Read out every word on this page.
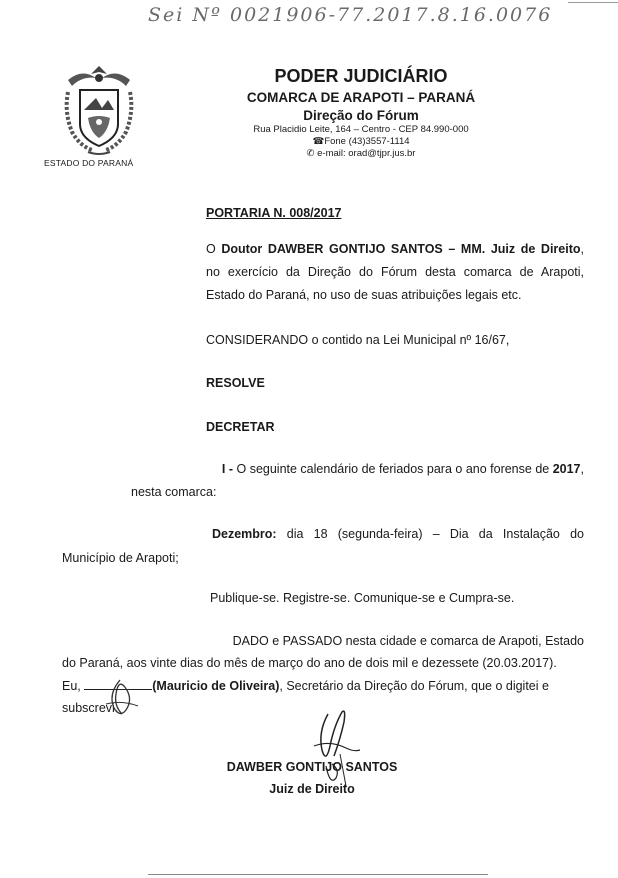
Sei Nº 0021906-77.2017.8.16.0076
ESTADO DO PARANÁ
PODER JUDICIÁRIO
COMARCA DE ARAPOTI – PARANÁ
Direção do Fórum
Rua Placidio Leite, 164 – Centro - CEP 84.990-000
☎Fone (43)3557-1114
✆ e-mail: orad@tjpr.jus.br
PORTARIA N. 008/2017
O Doutor DAWBER GONTIJO SANTOS – MM. Juiz de Direito,
no exercício da Direção do Fórum desta comarca de Arapoti,
Estado do Paraná, no uso de suas atribuições legais etc.
CONSIDERANDO o contido na Lei Municipal nº 16/67,
RESOLVE
DECRETAR
I - O seguinte calendário de feriados para o ano forense de 2017,
nesta comarca:
Dezembro: dia 18 (segunda-feira) – Dia da Instalação do
Município de Arapoti;
Publique-se. Registre-se. Comunique-se e Cumpra-se.
DADO e PASSADO nesta cidade e comarca de Arapoti, Estado
do Paraná, aos vinte dias do mês de março do ano de dois mil e dezessete (20.03.2017).
Eu,	(Mauricio de Oliveira), Secretário da Direção do Fórum, que o digitei e
subscrevi.
DAWBER GONTIJO SANTOS
Juiz de Direito
